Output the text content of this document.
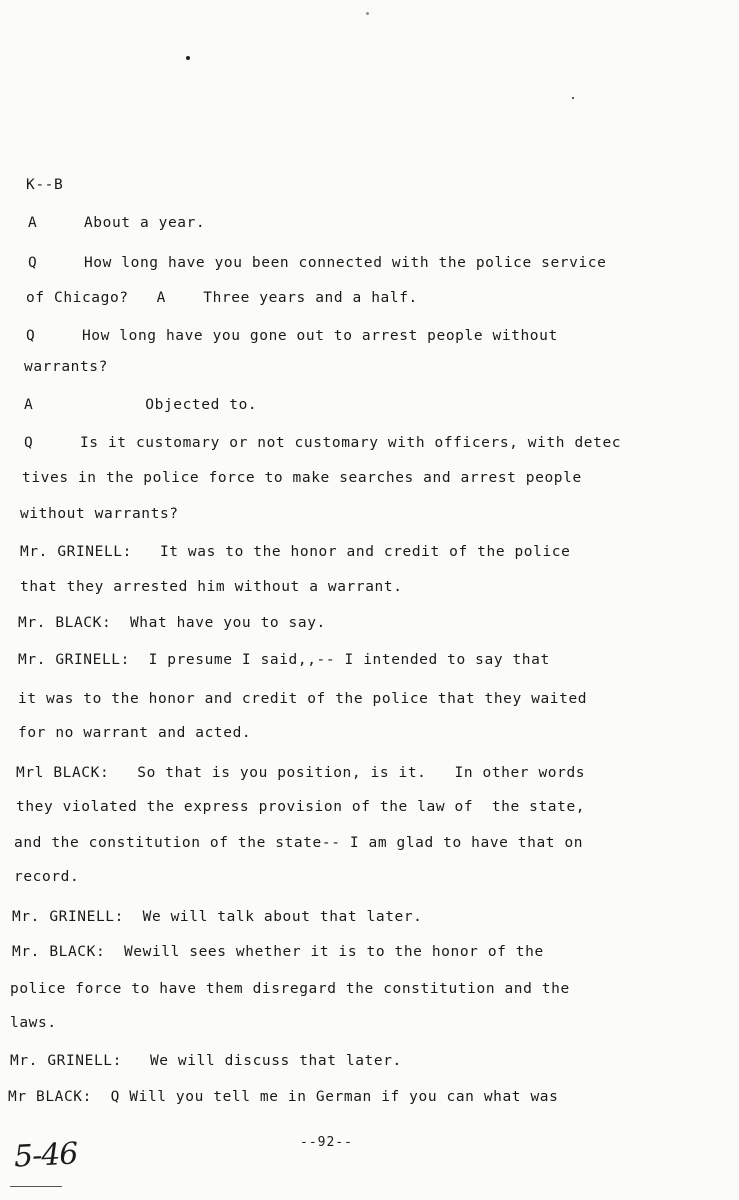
K--B
A     About a year.
Q     How long have you been connected with the police service
of Chicago?   A    Three years and a half.
Q     How long have you gone out to arrest people without
warrants?
A            Objected to.
Q     Is it customary or not customary with officers, with detec
tives in the police force to make searches and arrest people
without warrants?
Mr. GRINELL:   It was to the honor and credit of the police
that they arrested him without a warrant.
Mr. BLACK:  What have you to say.
Mr. GRINELL:  I presume I said,,-- I intended to say that
it was to the honor and credit of the police that they waited
for no warrant and acted.
Mrl BLACK:   So that is you position, is it.   In other words
they violated the express provision of the law of  the state,
and the constitution of the state-- I am glad to have that on
record.
Mr. GRINELL:  We will talk about that later.
Mr. BLACK:  Wewill sees whether it is to the honor of the
police force to have them disregard the constitution and the
laws.
Mr. GRINELL:   We will discuss that later.
Mr BLACK:  Q Will you tell me in German if you can what was
--92--
5-46
